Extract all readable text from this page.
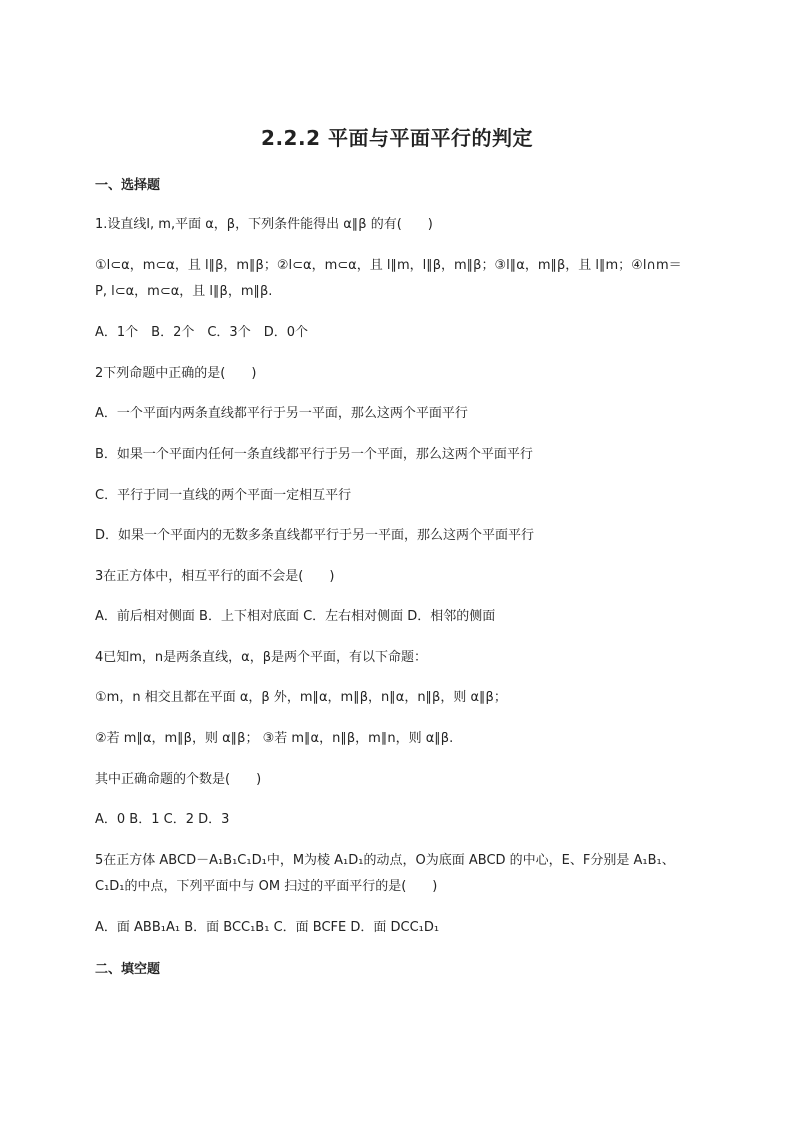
2.2.2 平面与平面平行的判定
一、选择题
1.设直线l, m,平面 α，β，下列条件能得出 α∥β 的有(　　)
①l⊂α，m⊂α，且 l∥β，m∥β；②l⊂α，m⊂α，且 l∥m，l∥β，m∥β；③l∥α，m∥β，且 l∥m；④l∩m＝
P, l⊂α，m⊂α，且 l∥β，m∥β.
A．1个　B．2个　C．3个　D．0个
2下列命题中正确的是(　　)
A．一个平面内两条直线都平行于另一平面，那么这两个平面平行
B．如果一个平面内任何一条直线都平行于另一个平面，那么这两个平面平行
C．平行于同一直线的两个平面一定相互平行
D．如果一个平面内的无数多条直线都平行于另一平面，那么这两个平面平行
3在正方体中，相互平行的面不会是(　　)
A．前后相对侧面 B．上下相对底面 C．左右相对侧面 D．相邻的侧面
4已知m，n是两条直线，α，β是两个平面，有以下命题：
①m，n 相交且都在平面 α，β 外，m∥α，m∥β，n∥α，n∥β，则 α∥β；
②若 m∥α，m∥β，则 α∥β； ③若 m∥α，n∥β，m∥n，则 α∥β.
其中正确命题的个数是(　　)
A．0 B．1 C．2 D．3
5在正方体 ABCD－A₁B₁C₁D₁中，M为棱 A₁D₁的动点，O为底面 ABCD 的中心，E、F分别是 A₁B₁、
C₁D₁的中点，下列平面中与 OM 扫过的平面平行的是(　　)
A．面 ABB₁A₁ B．面 BCC₁B₁ C．面 BCFE D．面 DCC₁D₁
二、填空题
